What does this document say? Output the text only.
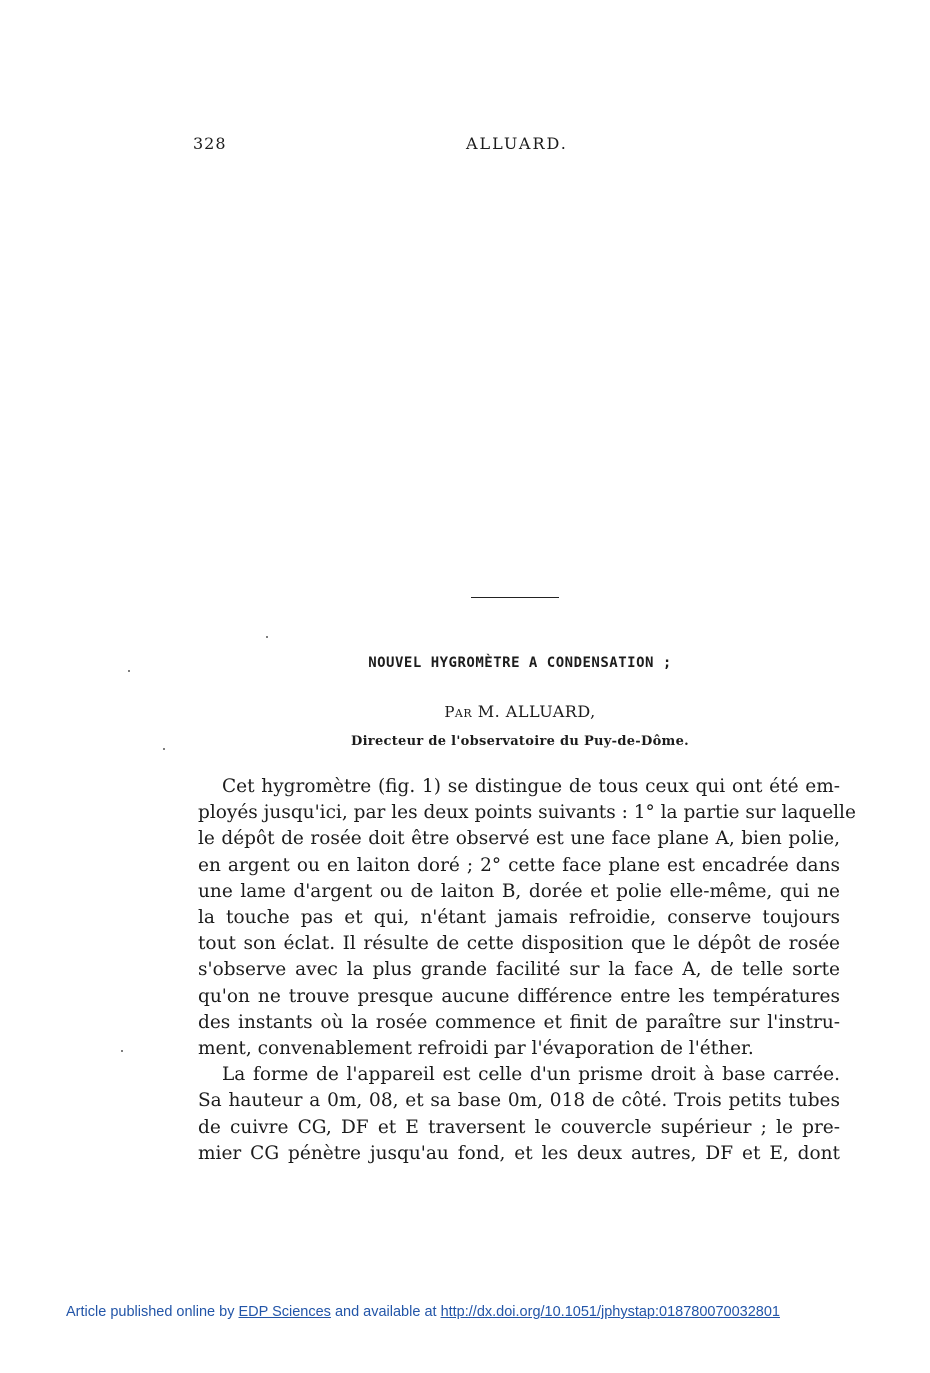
328	ALLUARD.
NOUVEL HYGROMÈTRE A CONDENSATION ;
Par M. ALLUARD,
Directeur de l'observatoire du Puy-de-Dôme.
Cet hygromètre (fig. 1) se distingue de tous ceux qui ont été em-
ployés jusqu'ici, par les deux points suivants : 1° la partie sur laquelle
le dépôt de rosée doit être observé est une face plane A, bien polie,
en argent ou en laiton doré ; 2° cette face plane est encadrée dans
une lame d'argent ou de laiton B, dorée et polie elle-même, qui ne
la touche pas et qui, n'étant jamais refroidie, conserve toujours
tout son éclat. Il résulte de cette disposition que le dépôt de rosée
s'observe avec la plus grande facilité sur la face A, de telle sorte
qu'on ne trouve presque aucune différence entre les températures
des instants où la rosée commence et finit de paraître sur l'instru-
ment, convenablement refroidi par l'évaporation de l'éther.
La forme de l'appareil est celle d'un prisme droit à base carrée.
Sa hauteur a 0m, 08, et sa base 0m, 018 de côté. Trois petits tubes
de cuivre CG, DF et E traversent le couvercle supérieur ; le pre-
mier CG pénètre jusqu'au fond, et les deux autres, DF et E, dont
Article published online by EDP Sciences and available at http://dx.doi.org/10.1051/jphystap:018780070032801
